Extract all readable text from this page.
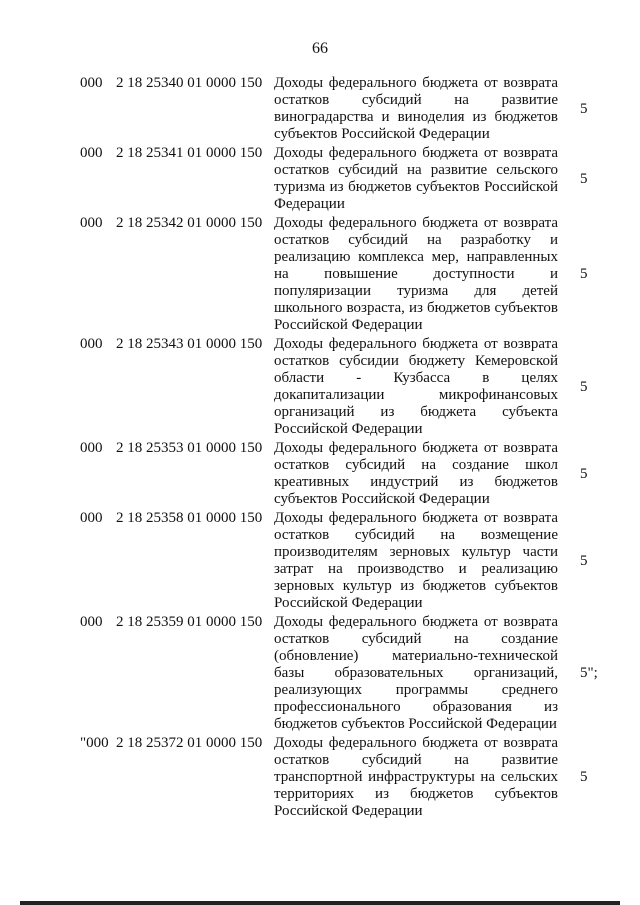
66
000 2 18 25340 01 0000 150 Доходы федерального бюджета от возврата остатков субсидий на развитие виноградарства и виноделия из бюджетов субъектов Российской Федерации
5
000 2 18 25341 01 0000 150 Доходы федерального бюджета от возврата остатков субсидий на развитие сельского туризма из бюджетов субъектов Российской Федерации
5
000 2 18 25342 01 0000 150 Доходы федерального бюджета от возврата остатков субсидий на разработку и реализацию комплекса мер, направленных на повышение доступности и популяризации туризма для детей школьного возраста, из бюджетов субъектов Российской Федерации
5
000 2 18 25343 01 0000 150 Доходы федерального бюджета от возврата остатков субсидии бюджету Кемеровской области - Кузбасса в целях докапитализации микрофинансовых организаций из бюджета субъекта Российской Федерации
5
000 2 18 25353 01 0000 150 Доходы федерального бюджета от возврата остатков субсидий на создание школ креативных индустрий из бюджетов субъектов Российской Федерации
5
000 2 18 25358 01 0000 150 Доходы федерального бюджета от возврата остатков субсидий на возмещение производителям зерновых культур части затрат на производство и реализацию зерновых культур из бюджетов субъектов Российской Федерации
5
000 2 18 25359 01 0000 150 Доходы федерального бюджета от возврата остатков субсидий на создание (обновление) материально-технической базы образовательных организаций, реализующих программы среднего профессионального образования из бюджетов субъектов Российской Федерации
5";
"000 2 18 25372 01 0000 150 Доходы федерального бюджета от возврата остатков субсидий на развитие транспортной инфраструктуры на сельских территориях из бюджетов субъектов Российской Федерации
5
